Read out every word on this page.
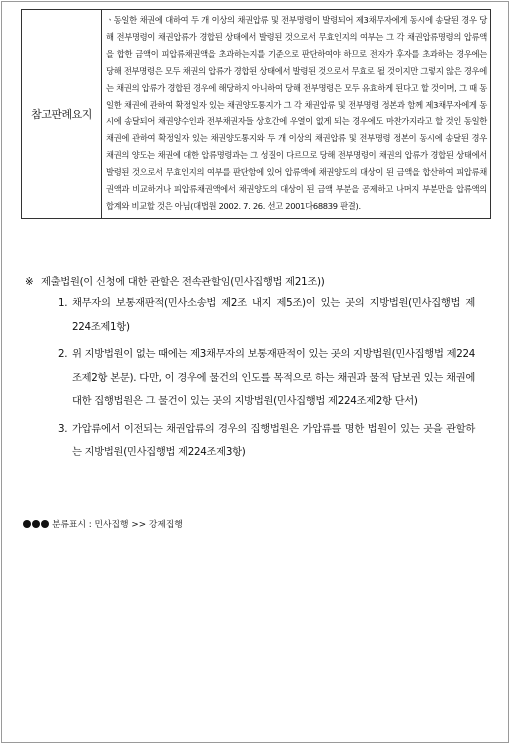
참고판례요지	ㆍ동일한 채권에 대하여 두 개 이상의 채권압류 및 전부명령이 발령되어 제3채무자에게 동시에 송달된 경우 당해 전부명령이 채권압류가 경합된 상태에서 발령된 것으로서 무효인지의 여부는 그 각 채권압류명령의 압류액을 합한 금액이 피압류채권액을 초과하는지를 기준으로 판단하여야 하므로 전자가 후자를 초과하는 경우에는 당해 전부명령은 모두 채권의 압류가 경합된 상태에서 발령된 것으로서 무효로 될 것이지만 그렇지 않은 경우에는 채권의 압류가 경합된 경우에 해당하지 아니하여 당해 전부명령은 모두 유효하게 된다고 할 것이며, 그 때 동일한 채권에 관하여 확정일자 있는 채권양도통지가 그 각 채권압류 및 전부명령 정본과 함께 제3채무자에게 동시에 송달되어 채권양수인과 전부채권자들 상호간에 우열이 없게 되는 경우에도 마찬가지라고 할 것인 동일한 채권에 관하여 확정일자 있는 채권양도통지와 두 개 이상의 채권압류 및 전부명령 정본이 동시에 송달된 경우 채권의 양도는 채권에 대한 압류명령과는 그 성질이 다르므로 당해 전부명령이 채권의 압류가 경합된 상태에서 발령된 것으로서 무효인지의 여부를 판단함에 있어 압류액에 채권양도의 대상이 된 금액을 합산하여 피압류채권액과 비교하거나 피압류채권액에서 채권양도의 대상이 된 금액 부분을 공제하고 나머지 부분만을 압류액의 합계와 비교할 것은 아님(대법원 2002. 7. 26. 선고 2001다68839 판결).
※ 제출법원(이 신청에 대한 관할은 전속관할임(민사집행법 제21조))
1. 채무자의 보통재판적(민사소송법 제2조 내지 제5조)이 있는 곳의 지방법원(민사집행법 제224조제1항)
2. 위 지방법원이 없는 때에는 제3채무자의 보통재판적이 있는 곳의 지방법원(민사집행법 제224조제2항 본문). 다만, 이 경우에 물건의 인도를 목적으로 하는 채권과 물적 담보권 있는 채권에 대한 집행법원은 그 물건이 있는 곳의 지방법원(민사집행법 제224조제2항 단서)
3. 가압류에서 이전되는 채권압류의 경우의 집행법원은 가압류를 명한 법원이 있는 곳을 관할하는 지방법원(민사집행법 제224조제3항)
분류표시 : 민사집행 >> 강제집행
